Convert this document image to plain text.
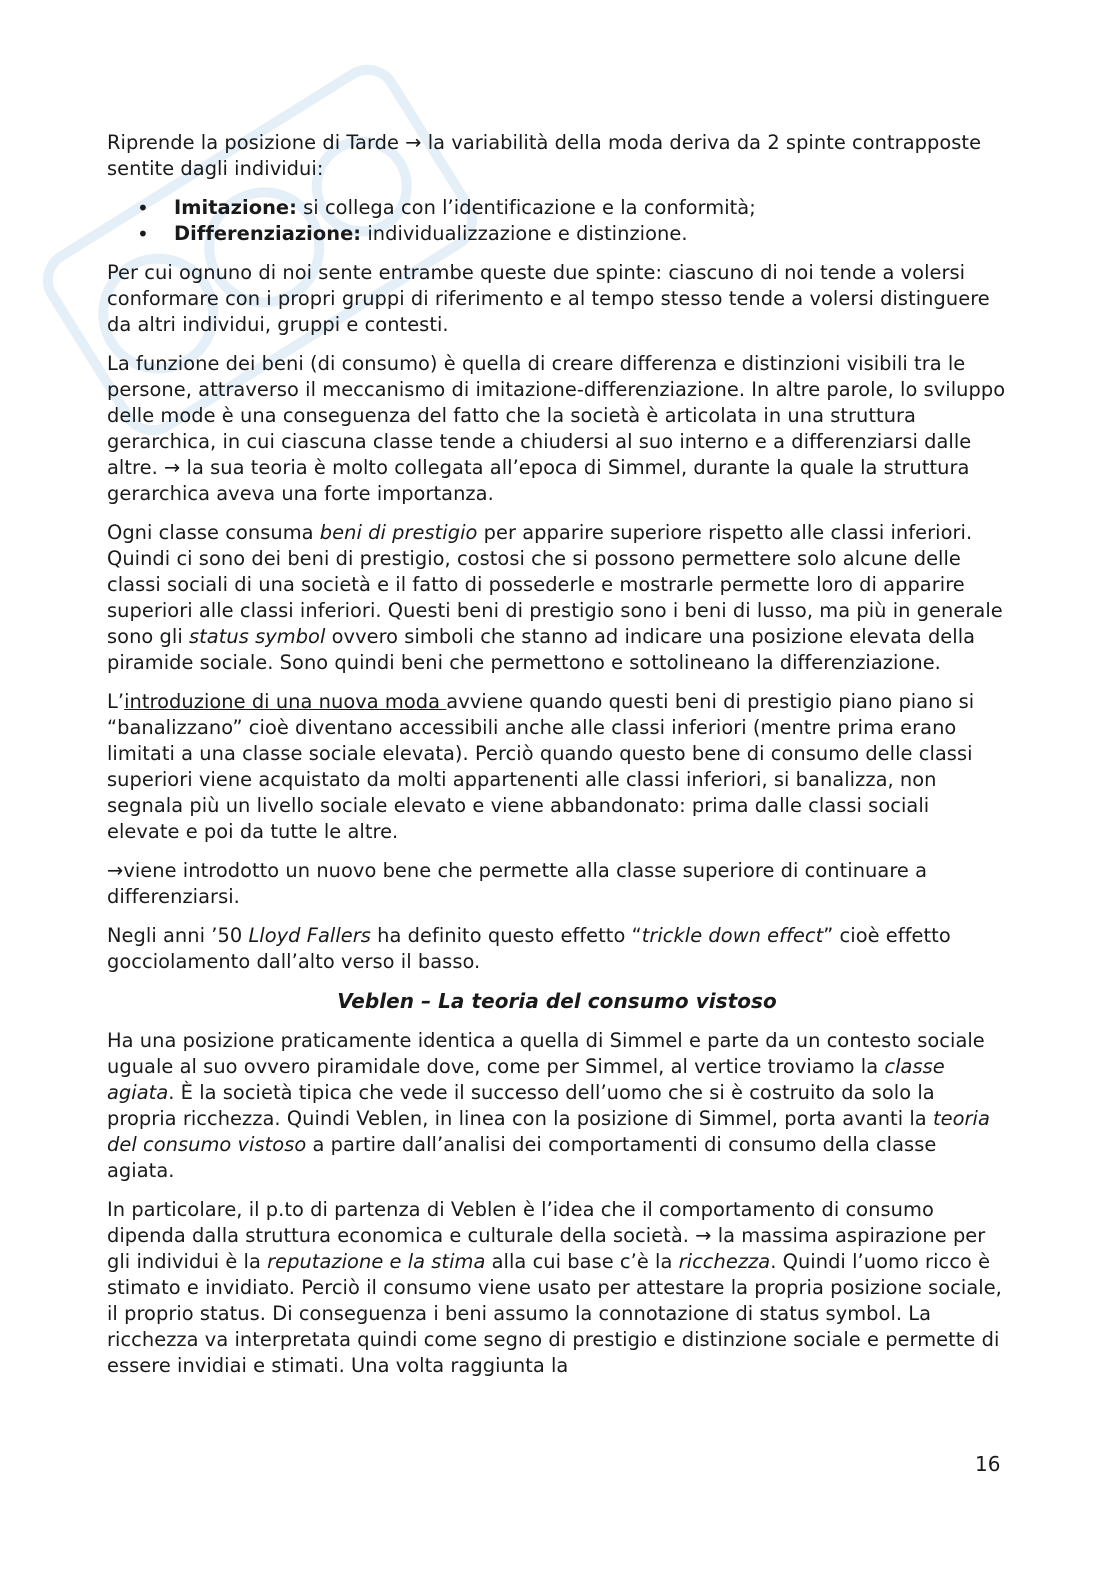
Riprende la posizione di Tarde → la variabilità della moda deriva da 2 spinte contrapposte sentite dagli individui:

• Imitazione: si collega con l’identificazione e la conformità;
• Differenziazione: individualizzazione e distinzione.

Per cui ognuno di noi sente entrambe queste due spinte: ciascuno di noi tende a volersi conformare con i propri gruppi di riferimento e al tempo stesso tende a volersi distinguere da altri individui, gruppi e contesti.

La funzione dei beni (di consumo) è quella di creare differenza e distinzioni visibili tra le persone, attraverso il meccanismo di imitazione-differenziazione. In altre parole, lo sviluppo delle mode è una conseguenza del fatto che la società è articolata in una struttura gerarchica, in cui ciascuna classe tende a chiudersi al suo interno e a differenziarsi dalle altre. → la sua teoria è molto collegata all’epoca di Simmel, durante la quale la struttura gerarchica aveva una forte importanza.

Ogni classe consuma beni di prestigio per apparire superiore rispetto alle classi inferiori. Quindi ci sono dei beni di prestigio, costosi che si possono permettere solo alcune delle classi sociali di una società e il fatto di possederle e mostrarle permette loro di apparire superiori alle classi inferiori. Questi beni di prestigio sono i beni di lusso, ma più in generale sono gli status symbol ovvero simboli che stanno ad indicare una posizione elevata della piramide sociale. Sono quindi beni che permettono e sottolineano la differenziazione.

L’introduzione di una nuova moda avviene quando questi beni di prestigio piano piano si “banalizzano” cioè diventano accessibili anche alle classi inferiori (mentre prima erano limitati a una classe sociale elevata). Perciò quando questo bene di consumo delle classi superiori viene acquistato da molti appartenenti alle classi inferiori, si banalizza, non segnala più un livello sociale elevato e viene abbandonato: prima dalle classi sociali elevate e poi da tutte le altre.

→viene introdotto un nuovo bene che permette alla classe superiore di continuare a differenziarsi.

Negli anni ’50 Lloyd Fallers ha definito questo effetto “trickle down effect” cioè effetto gocciolamento dall’alto verso il basso.

Veblen – La teoria del consumo vistoso

Ha una posizione praticamente identica a quella di Simmel e parte da un contesto sociale uguale al suo ovvero piramidale dove, come per Simmel, al vertice troviamo la classe agiata. È la società tipica che vede il successo dell’uomo che si è costruito da solo la propria ricchezza. Quindi Veblen, in linea con la posizione di Simmel, porta avanti la teoria del consumo vistoso a partire dall’analisi dei comportamenti di consumo della classe agiata.

In particolare, il p.to di partenza di Veblen è l’idea che il comportamento di consumo dipenda dalla struttura economica e culturale della società. → la massima aspirazione per gli individui è la reputazione e la stima alla cui base c’è la ricchezza. Quindi l’uomo ricco è stimato e invidiato. Perciò il consumo viene usato per attestare la propria posizione sociale, il proprio status. Di conseguenza i beni assumo la connotazione di status symbol. La ricchezza va interpretata quindi come segno di prestigio e distinzione sociale e permette di essere invidiai e stimati. Una volta raggiunta la

16
